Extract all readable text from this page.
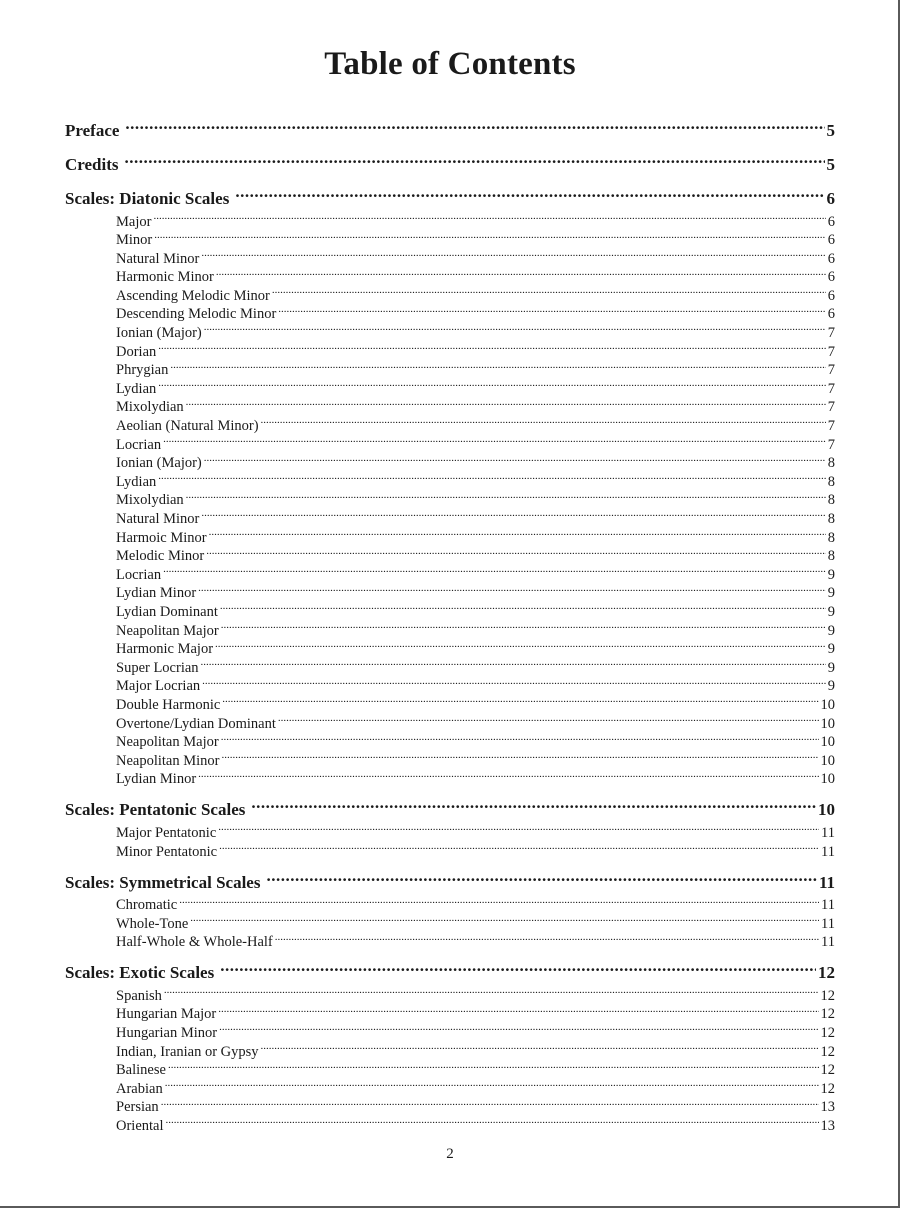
Table of Contents
Preface .....	5
Credits .....	5
Scales: Diatonic Scales .....	6
Major .....	6
Minor .....	6
Natural Minor .....	6
Harmonic Minor .....	6
Ascending Melodic Minor .....	6
Descending Melodic Minor .....	6
Ionian (Major) .....	7
Dorian .....	7
Phrygian .....	7
Lydian .....	7
Mixolydian .....	7
Aeolian (Natural Minor) .....	7
Locrian .....	7
Ionian (Major) .....	8
Lydian .....	8
Mixolydian .....	8
Natural Minor .....	8
Harmoic Minor .....	8
Melodic Minor .....	8
Locrian .....	9
Lydian Minor .....	9
Lydian Dominant .....	9
Neapolitan Major .....	9
Harmonic Major .....	9
Super Locrian .....	9
Major Locrian .....	9
Double Harmonic .....	10
Overtone/Lydian Dominant .....	10
Neapolitan Major .....	10
Neapolitan Minor .....	10
Lydian Minor .....	10
Scales: Pentatonic Scales .....	10
Major Pentatonic .....	11
Minor Pentatonic .....	11
Scales: Symmetrical Scales .....	11
Chromatic .....	11
Whole-Tone .....	11
Half-Whole & Whole-Half .....	11
Scales: Exotic Scales .....	12
Spanish .....	12
Hungarian Major .....	12
Hungarian Minor .....	12
Indian, Iranian or Gypsy .....	12
Balinese .....	12
Arabian .....	12
Persian .....	13
Oriental .....	13
2
